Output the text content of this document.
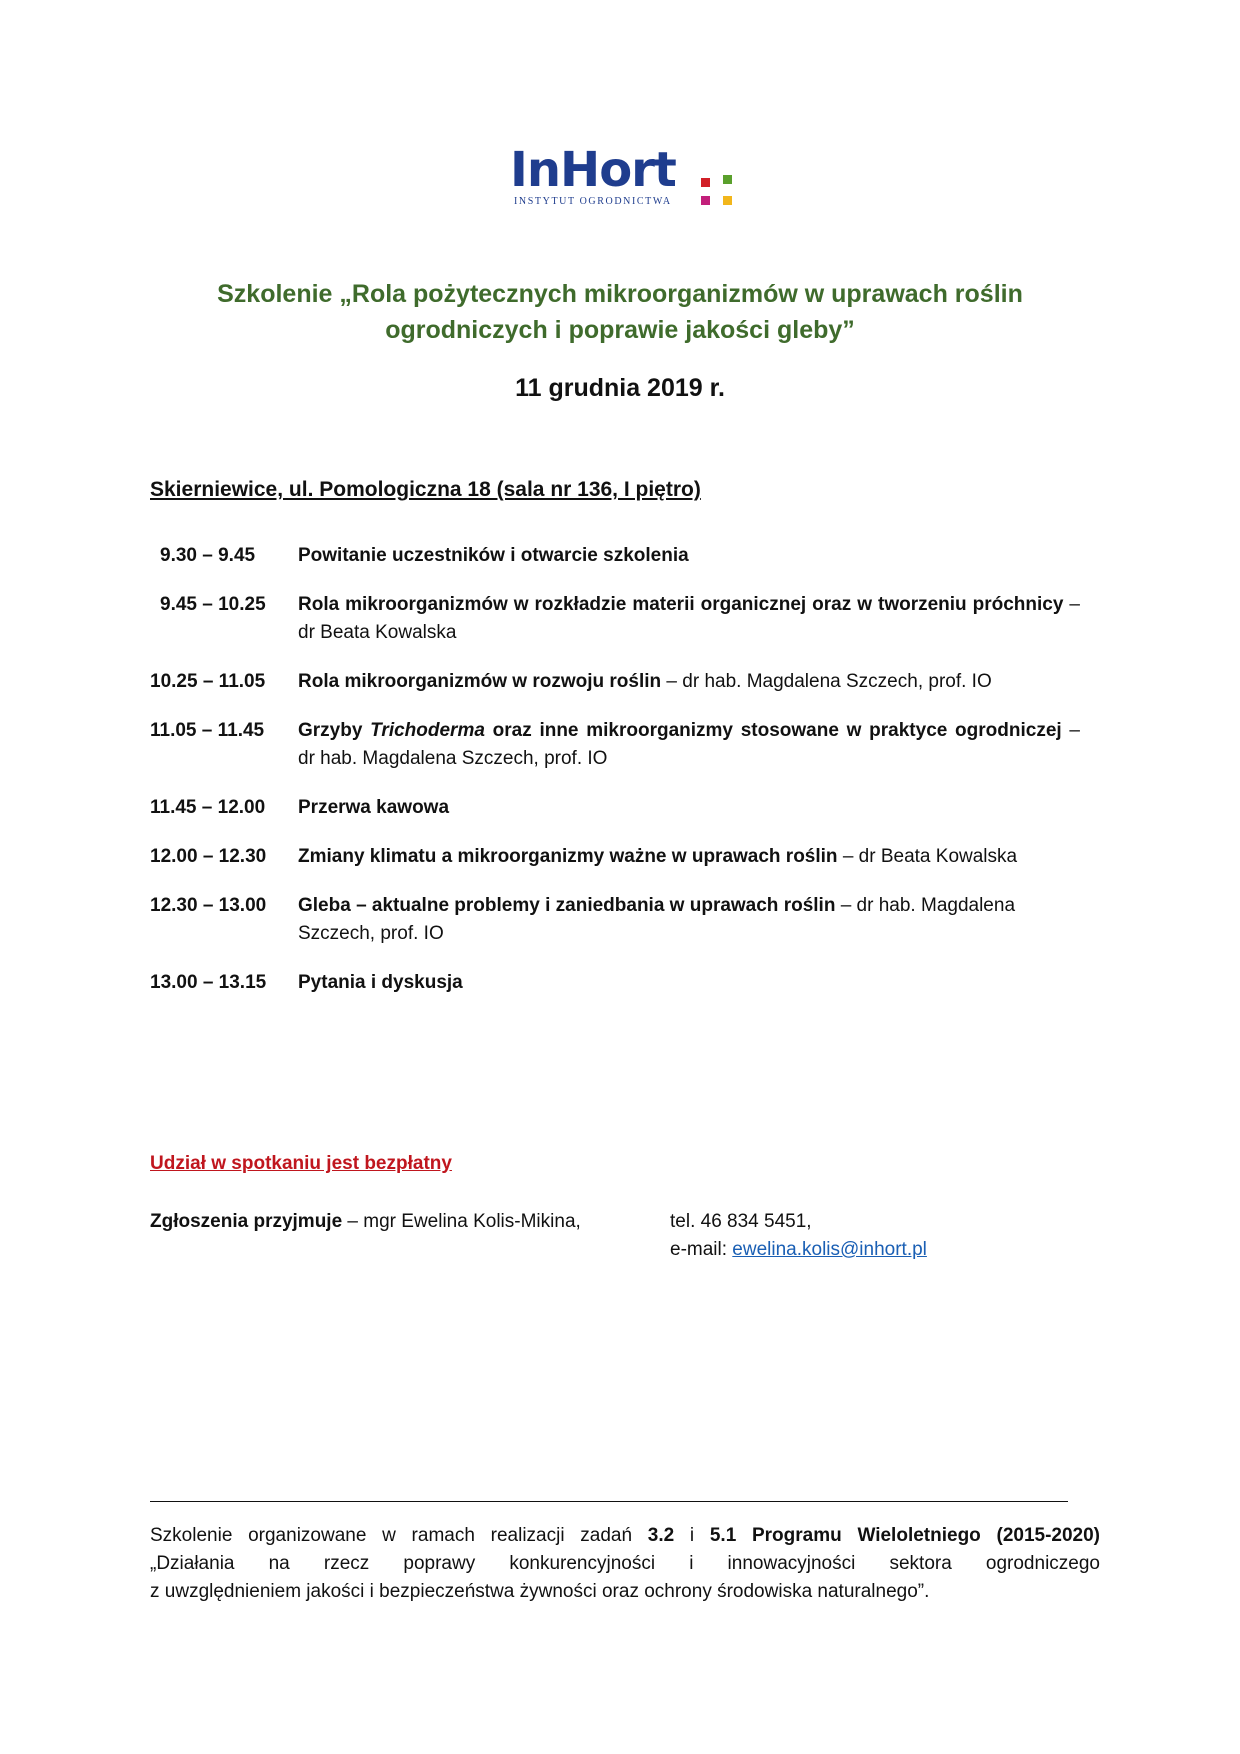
InHort
INSTYTUT OGRODNICTWA
Szkolenie „Rola pożytecznych mikroorganizmów w uprawach roślin
ogrodniczych i poprawie jakości gleby”
11 grudnia 2019 r.
Skierniewice, ul. Pomologiczna 18 (sala nr 136, I piętro)
9.30 – 9.45	Powitanie uczestników i otwarcie szkolenia
9.45 – 10.25	Rola mikroorganizmów w rozkładzie materii organicznej oraz w tworzeniu próchnicy – dr Beata Kowalska
10.25 – 11.05	Rola mikroorganizmów w rozwoju roślin – dr hab. Magdalena Szczech, prof. IO
11.05 – 11.45	Grzyby Trichoderma oraz inne mikroorganizmy stosowane w praktyce ogrodniczej – dr hab. Magdalena Szczech, prof. IO
11.45 – 12.00	Przerwa kawowa
12.00 – 12.30	Zmiany klimatu a mikroorganizmy ważne w uprawach roślin – dr Beata Kowalska
12.30 – 13.00	Gleba – aktualne problemy i zaniedbania w uprawach roślin – dr hab. Magdalena Szczech, prof. IO
13.00 – 13.15	Pytania i dyskusja
Udział w spotkaniu jest bezpłatny
Zgłoszenia przyjmuje – mgr Ewelina Kolis-Mikina,	tel. 46 834 5451,
e-mail: ewelina.kolis@inhort.pl
Szkolenie organizowane w ramach realizacji zadań 3.2 i 5.1 Programu Wieloletniego (2015-2020)
„Działania na rzecz poprawy konkurencyjności i innowacyjności sektora ogrodniczego
z uwzględnieniem jakości i bezpieczeństwa żywności oraz ochrony środowiska naturalnego”.
